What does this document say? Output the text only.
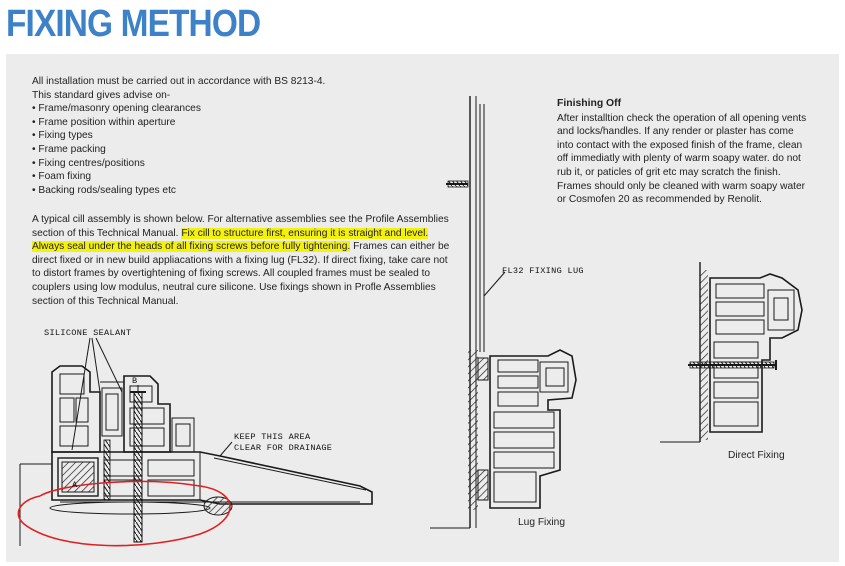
FIXING METHOD

All installation must be carried out in accordance with BS 8213-4.

This standard gives advise on-

• Frame/masonry opening clearances
• Frame position within aperture
• Fixing types
• Frame packing
• Fixing centres/positions
• Foam fixing
• Backing rods/sealing types etc
A typical cill assembly is shown below. For alternative assemblies see the Profile Assemblies section of this Technical Manual. Fix cill to structure first, ensuring it is straight and level. Always seal under the heads of all fixing screws before fully tightening. Frames can either be direct fixed or in new build appliacations with a fixing lug (FL32). If direct fixing, take care not to distort frames by overtightening of fixing screws. All coupled frames must be sealed to couplers using low modulus, neutral cure silicone. Use fixings shown in Profle Assemblies section of this Technical Manual.
Finishing Off

After installtion check the operation of all opening vents and locks/handles. If any render or plaster has come into contact with the exposed finish of the frame, clean off immediatly with plenty of warm soapy water. do not rub it, or paticles of grit etc may scratch the finish. Frames should only be cleaned with warm soapy water or Cosmofen 20 as recommended by Renolit.

SILICONE SEALANT
KEEP THIS AREA
CLEAR FOR DRAINAGE
B
A
FL32 FIXING LUG
Lug Fixing
Direct Fixing
